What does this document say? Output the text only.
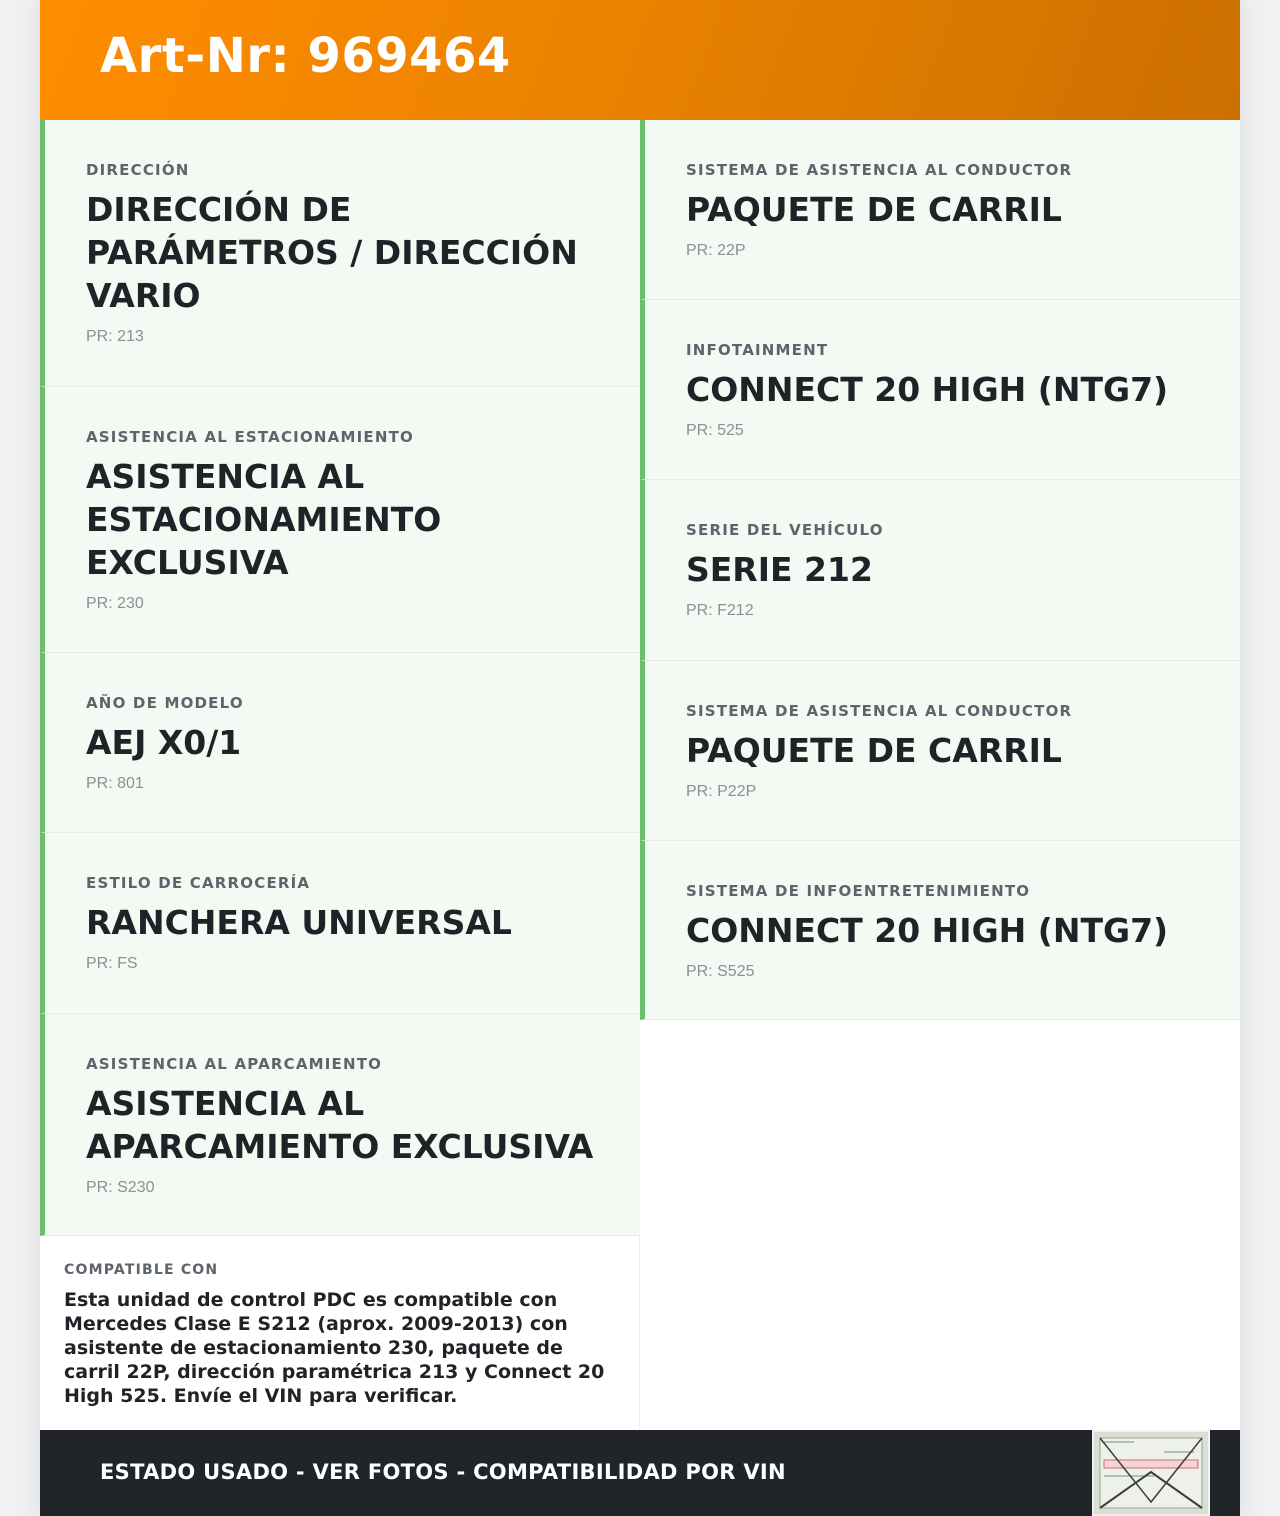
Art-Nr: 969464
DIRECCIÓN
DIRECCIÓN DE PARÁMETROS / DIRECCIÓN VARIO
PR: 213
ASISTENCIA AL ESTACIONAMIENTO
ASISTENCIA AL ESTACIONAMIENTO EXCLUSIVA
PR: 230
AÑO DE MODELO
AEJ X0/1
PR: 801
ESTILO DE CARROCERÍA
RANCHERA UNIVERSAL
PR: FS
ASISTENCIA AL APARCAMIENTO
ASISTENCIA AL APARCAMIENTO EXCLUSIVA
PR: S230
SISTEMA DE ASISTENCIA AL CONDUCTOR
PAQUETE DE CARRIL
PR: 22P
INFOTAINMENT
CONNECT 20 HIGH (NTG7)
PR: 525
SERIE DEL VEHÍCULO
SERIE 212
PR: F212
SISTEMA DE ASISTENCIA AL CONDUCTOR
PAQUETE DE CARRIL
PR: P22P
SISTEMA DE INFOENTRETENIMIENTO
CONNECT 20 HIGH (NTG7)
PR: S525
COMPATIBLE CON
Esta unidad de control PDC es compatible con Mercedes Clase E S212 (aprox. 2009-2013) con asistente de estacionamiento 230, paquete de carril 22P, dirección paramétrica 213 y Connect 20 High 525. Envíe el VIN para verificar.
ESTADO USADO - VER FOTOS - COMPATIBILIDAD POR VIN
